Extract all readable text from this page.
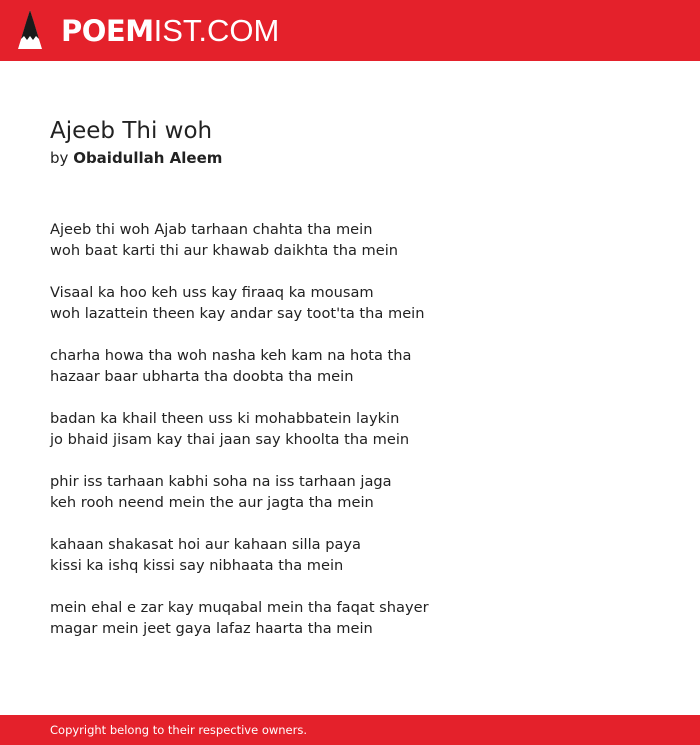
POEM IST.COM
Ajeeb Thi woh
by Obaidullah Aleem
Ajeeb thi woh Ajab tarhaan chahta tha mein
woh baat karti thi aur khawab daikhta tha mein
Visaal ka hoo keh uss kay firaaq ka mousam
woh lazattein theen kay andar say toot'ta tha mein
charha howa tha woh nasha keh kam na hota tha
hazaar baar ubharta tha doobta tha mein
badan ka khail theen uss ki mohabbatein laykin
jo bhaid jisam kay thai jaan say khoolta tha mein
phir iss tarhaan kabhi soha na iss tarhaan jaga
keh rooh neend mein the aur jagta tha mein
kahaan shakasat hoi aur kahaan silla paya
kissi ka ishq kissi say nibhaata tha mein
mein ehal e zar kay muqabal mein tha faqat shayer
magar mein jeet gaya lafaz haarta tha mein
Copyright belong to their respective owners.
